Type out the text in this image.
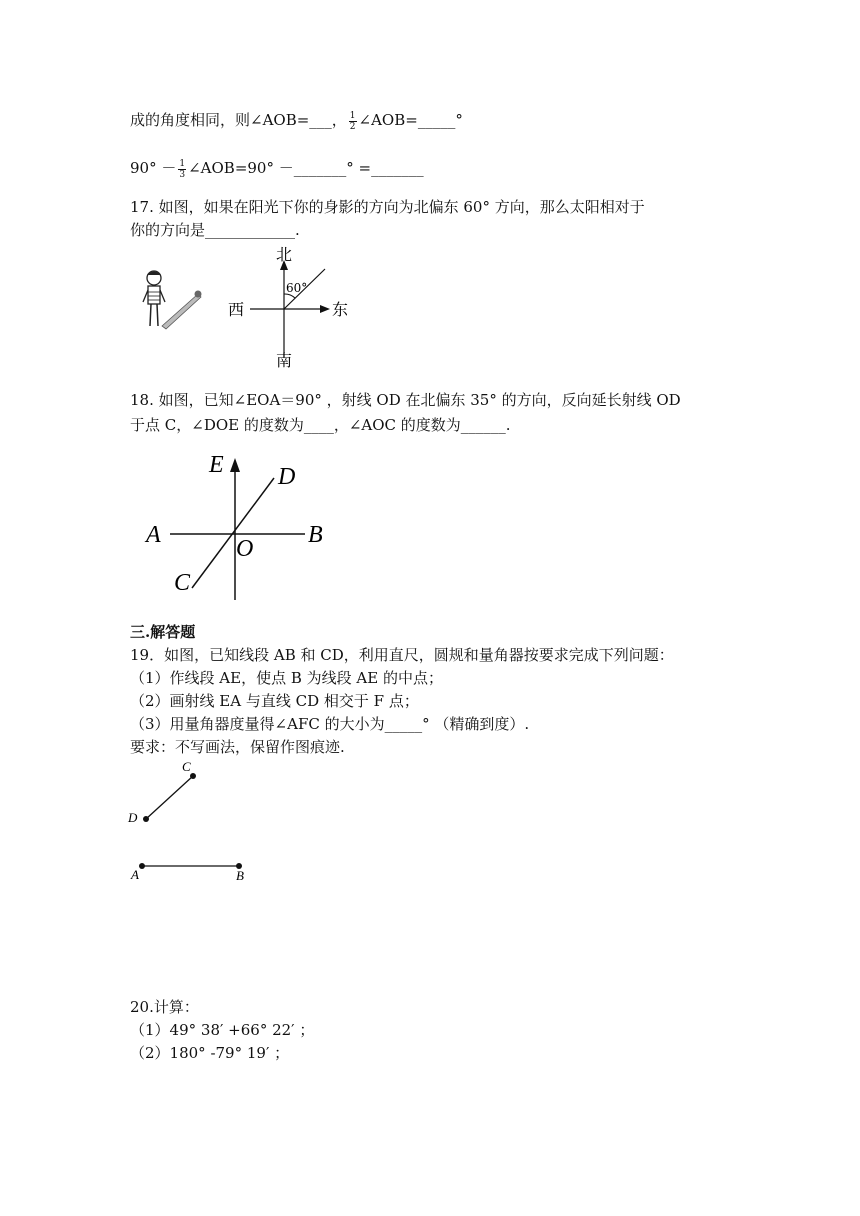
成的角度相同，则∠AOB=___， $\frac{1}{2}$ ∠AOB=_____°
$90^\circ - \frac{1}{3}$ ∠AOB=90° －_______° =_______
17. 如图，如果在阳光下你的身影的方向为北偏东 60° 方向，那么太阳相对于
你的方向是____________.
北
南
西	东
60°
18. 如图，已知∠EOA＝90° ，射线 OD 在北偏东 35° 的方向，反向延长射线 OD
于点 C，∠DOE 的度数为____，∠AOC 的度数为______.
E D
A	B
O
C
三.解答题
19．如图，已知线段 AB 和 CD，利用直尺，圆规和量角器按要求完成下列问题：
（1）作线段 AE，使点 B 为线段 AE 的中点；
（2）画射线 EA 与直线 CD 相交于 F 点；
（3）用量角器度量得∠AFC 的大小为_____° （精确到度）.
要求：不写画法，保留作图痕迹.
C
D
A	B
20.计算：
（1）49° 38′ +66° 22′ ；
（2）180° -79° 19′ ；
